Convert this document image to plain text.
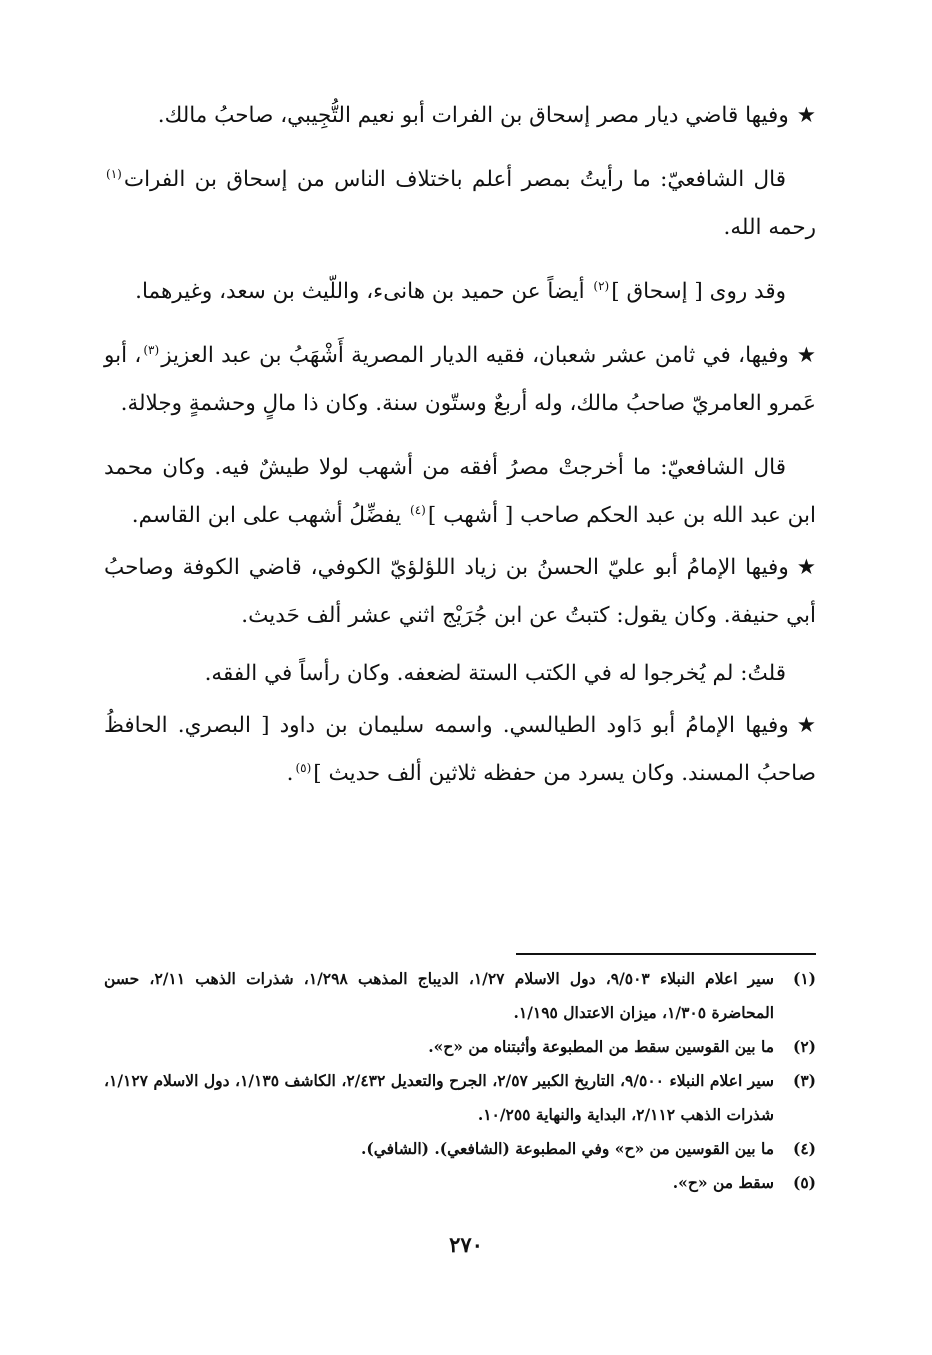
★وفيها قاضي ديار مصر إسحاق بن الفرات أبو نعيم التُّجِيبي، صاحبُ مالك.

قال الشافعيّ: ما رأيتُ بمصر أعلم باختلاف الناس من إسحاق بن الفرات$^{(١)}$ رحمه الله.

وقد روى [ إسحاق ]$^{(٢)}$ أيضاً عن حميد بن هانىء، واللّيث بن سعد، وغيرهما.

★وفيها، في ثامن عشر شعبان، فقيه الديار المصرية أَشْهَبُ بن عبد العزيز$^{(٣)}$، أبو عَمرو العامريّ صاحبُ مالك، وله أربعٌ وستّون سنة. وكان ذا مالٍ وحشمةٍ وجلالة.

قال الشافعيّ: ما أخرجتْ مصرُ أفقه من أشهب لولا طيشٌ فيه. وكان محمد ابن عبد الله بن عبد الحكم صاحب [ أشهب ]$^{(٤)}$ يفضِّلُ أشهب على ابن القاسم.

★وفيها الإمامُ أبو عليّ الحسنُ بن زياد اللؤلؤيّ الكوفي، قاضي الكوفة وصاحبُ أبي حنيفة. وكان يقول: كتبتُ عن ابن جُرَيْج اثني عشر ألف حَديث.

قلتُ: لم يُخرجوا له في الكتب الستة لضعفه. وكان رأساً في الفقه.

★وفيها الإمامُ أبو دَاود الطيالسي. واسمه سليمان بن داود [ البصري. الحافظُ صاحبُ المسند. وكان يسرد من حفظه ثلاثين ألف حديث ]$^{(٥)}$.

(١)
سير اعلام النبلاء ٩/٥٠٣، دول الاسلام ١/٢٧، الديباج المذهب ١/٢٩٨، شذرات الذهب ٢/١١، حسن المحاضرة ١/٣٠٥، ميزان الاعتدال ١/١٩٥.
(٢)
ما بين القوسين سقط من المطبوعة وأثبتناه من «ح».
(٣)
سير اعلام النبلاء ٩/٥٠٠، التاريخ الكبير ٢/٥٧، الجرح والتعديل ٢/٤٣٢، الكاشف ١/١٣٥، دول الاسلام ١/١٢٧، شذرات الذهب ٢/١١٢، البداية والنهاية ١٠/٢٥٥.
(٤)
ما بين القوسين من «ح» وفي المطبوعة (الشافعي). (الشافي).
(٥)
سقط من «ح».
٢٧٠
